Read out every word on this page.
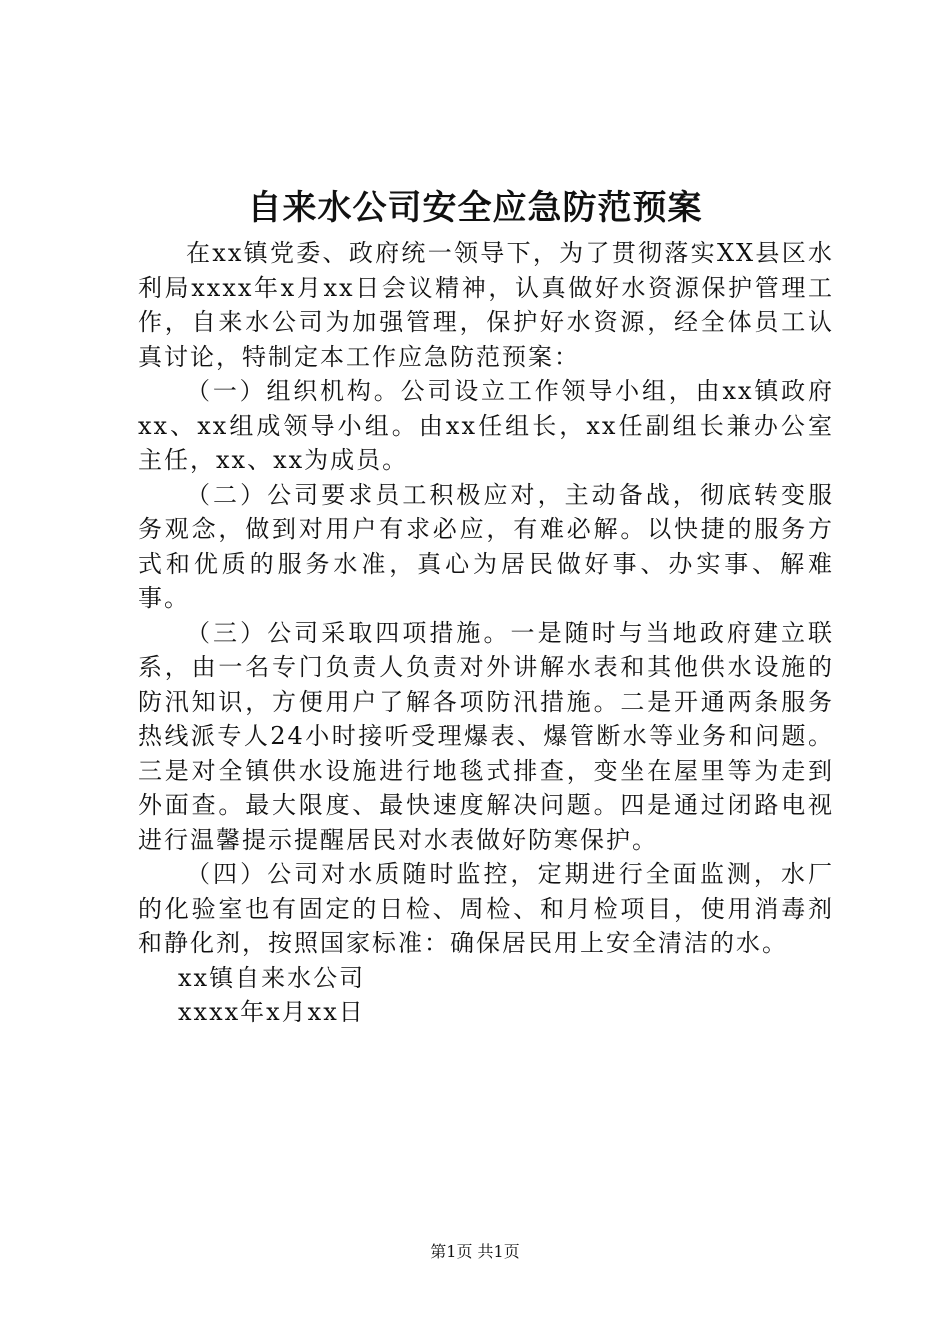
自来水公司安全应急防范预案

在xx镇党委、政府统一领导下，为了贯彻落实XX县区水利局xxxx年x月xx日会议精神，认真做好水资源保护管理工作，自来水公司为加强管理，保护好水资源，经全体员工认真讨论，特制定本工作应急防范预案：

（一）组织机构。公司设立工作领导小组，由xx镇政府xx、xx组成领导小组。由xx任组长，xx任副组长兼办公室主任，xx、xx为成员。

（二）公司要求员工积极应对，主动备战，彻底转变服务观念，做到对用户有求必应，有难必解。以快捷的服务方式和优质的服务水准，真心为居民做好事、办实事、解难事。

（三）公司采取四项措施。一是随时与当地政府建立联系，由一名专门负责人负责对外讲解水表和其他供水设施的防汛知识，方便用户了解各项防汛措施。二是开通两条服务热线派专人24小时接听受理爆表、爆管断水等业务和问题。三是对全镇供水设施进行地毯式排查，变坐在屋里等为走到外面查。最大限度、最快速度解决问题。四是通过闭路电视进行温馨提示提醒居民对水表做好防寒保护。

（四）公司对水质随时监控，定期进行全面监测，水厂的化验室也有固定的日检、周检、和月检项目，使用消毒剂和静化剂，按照国家标准：确保居民用上安全清洁的水。

xx镇自来水公司

xxxx年x月xx日

第1页 共1页
